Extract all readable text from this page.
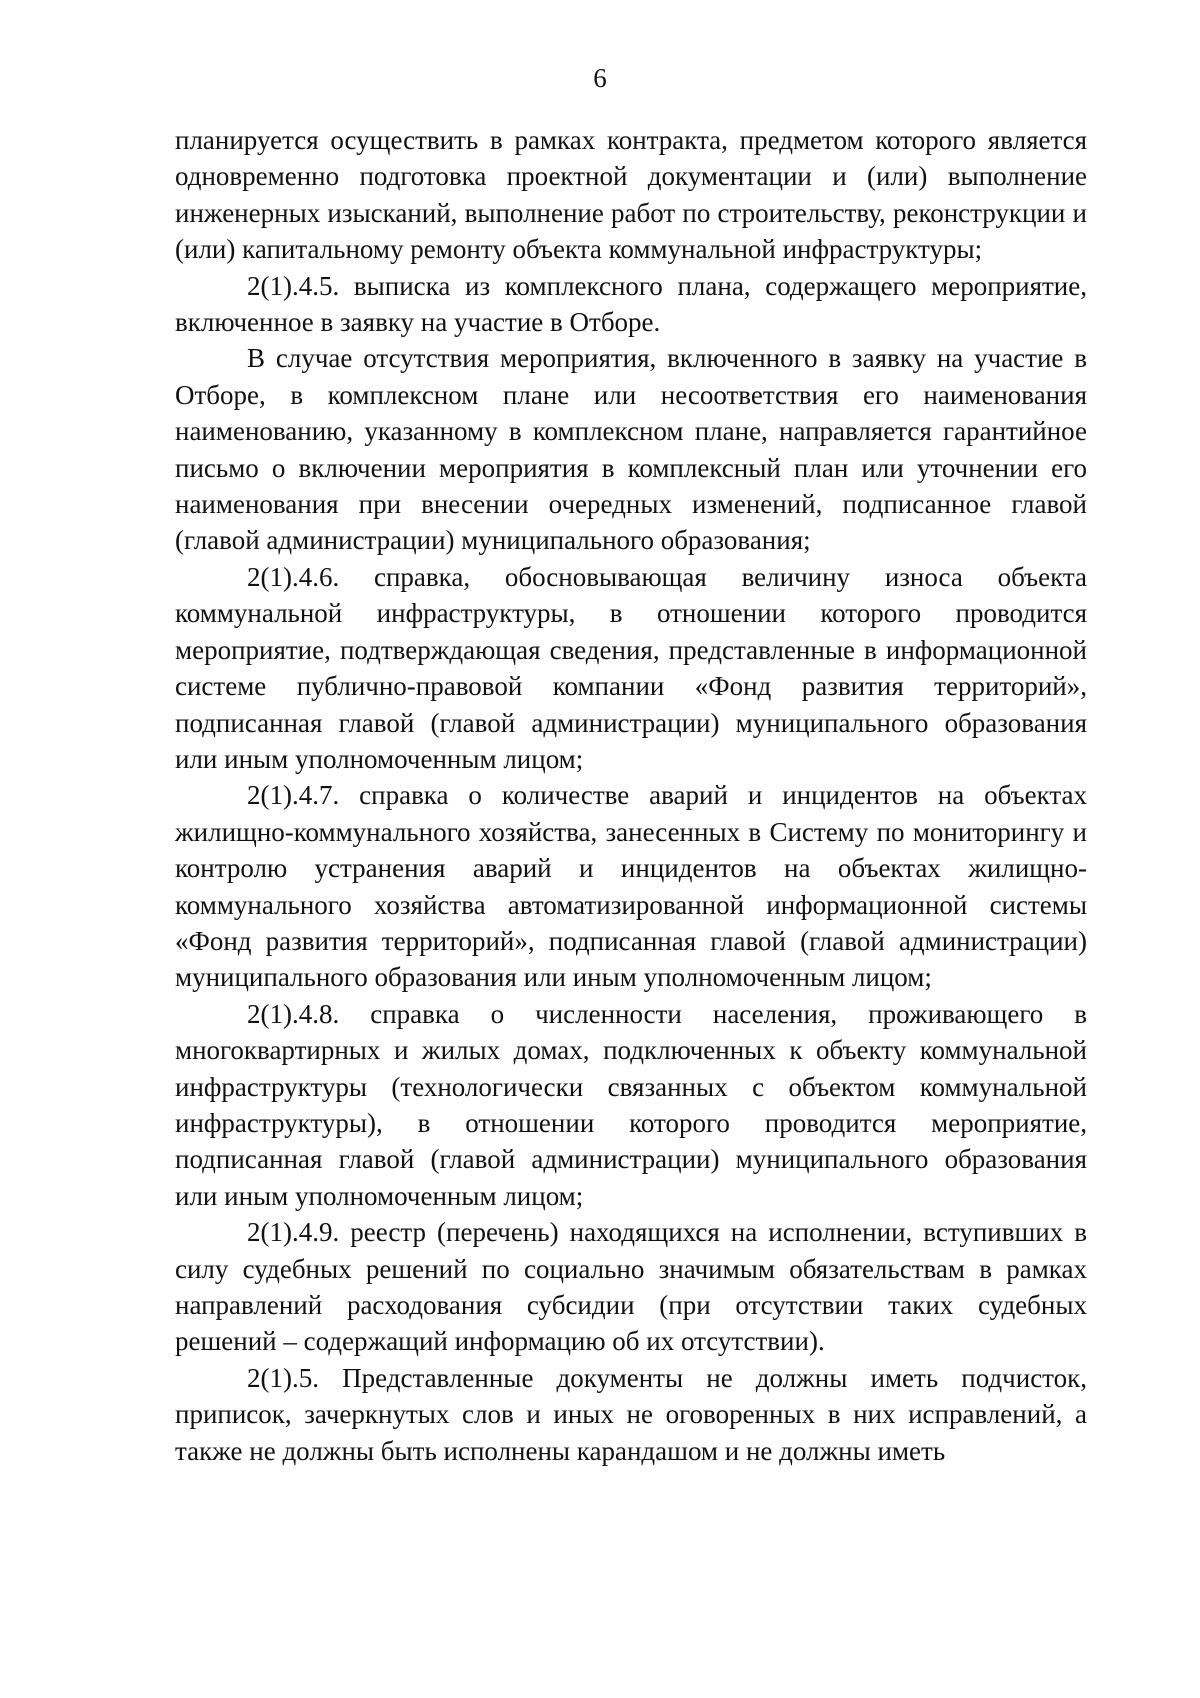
6

планируется осуществить в рамках контракта, предметом которого является одновременно подготовка проектной документации и (или) выполнение инженерных изысканий, выполнение работ по строительству, реконструкции и (или) капитальному ремонту объекта коммунальной инфраструктуры;

2(1).4.5. выписка из комплексного плана, содержащего мероприятие, включенное в заявку на участие в Отборе.

В случае отсутствия мероприятия, включенного в заявку на участие в Отборе, в комплексном плане или несоответствия его наименования наименованию, указанному в комплексном плане, направляется гарантийное письмо о включении мероприятия в комплексный план или уточнении его наименования при внесении очередных изменений, подписанное главой (главой администрации) муниципального образования;

2(1).4.6. справка, обосновывающая величину износа объекта коммунальной инфраструктуры, в отношении которого проводится мероприятие, подтверждающая сведения, представленные в информационной системе публично-правовой компании «Фонд развития территорий», подписанная главой (главой администрации) муниципального образования или иным уполномоченным лицом;

2(1).4.7. справка о количестве аварий и инцидентов на объектах жилищно-коммунального хозяйства, занесенных в Систему по мониторингу и контролю устранения аварий и инцидентов на объектах жилищно-коммунального хозяйства автоматизированной информационной системы «Фонд развития территорий», подписанная главой (главой администрации) муниципального образования или иным уполномоченным лицом;

2(1).4.8. справка о численности населения, проживающего в многоквартирных и жилых домах, подключенных к объекту коммунальной инфраструктуры (технологически связанных с объектом коммунальной инфраструктуры), в отношении которого проводится мероприятие, подписанная главой (главой администрации) муниципального образования или иным уполномоченным лицом;

2(1).4.9. реестр (перечень) находящихся на исполнении, вступивших в силу судебных решений по социально значимым обязательствам в рамках направлений расходования субсидии (при отсутствии таких судебных решений – содержащий информацию об их отсутствии).

2(1).5. Представленные документы не должны иметь подчисток, приписок, зачеркнутых слов и иных не оговоренных в них исправлений, а также не должны быть исполнены карандашом и не должны иметь
